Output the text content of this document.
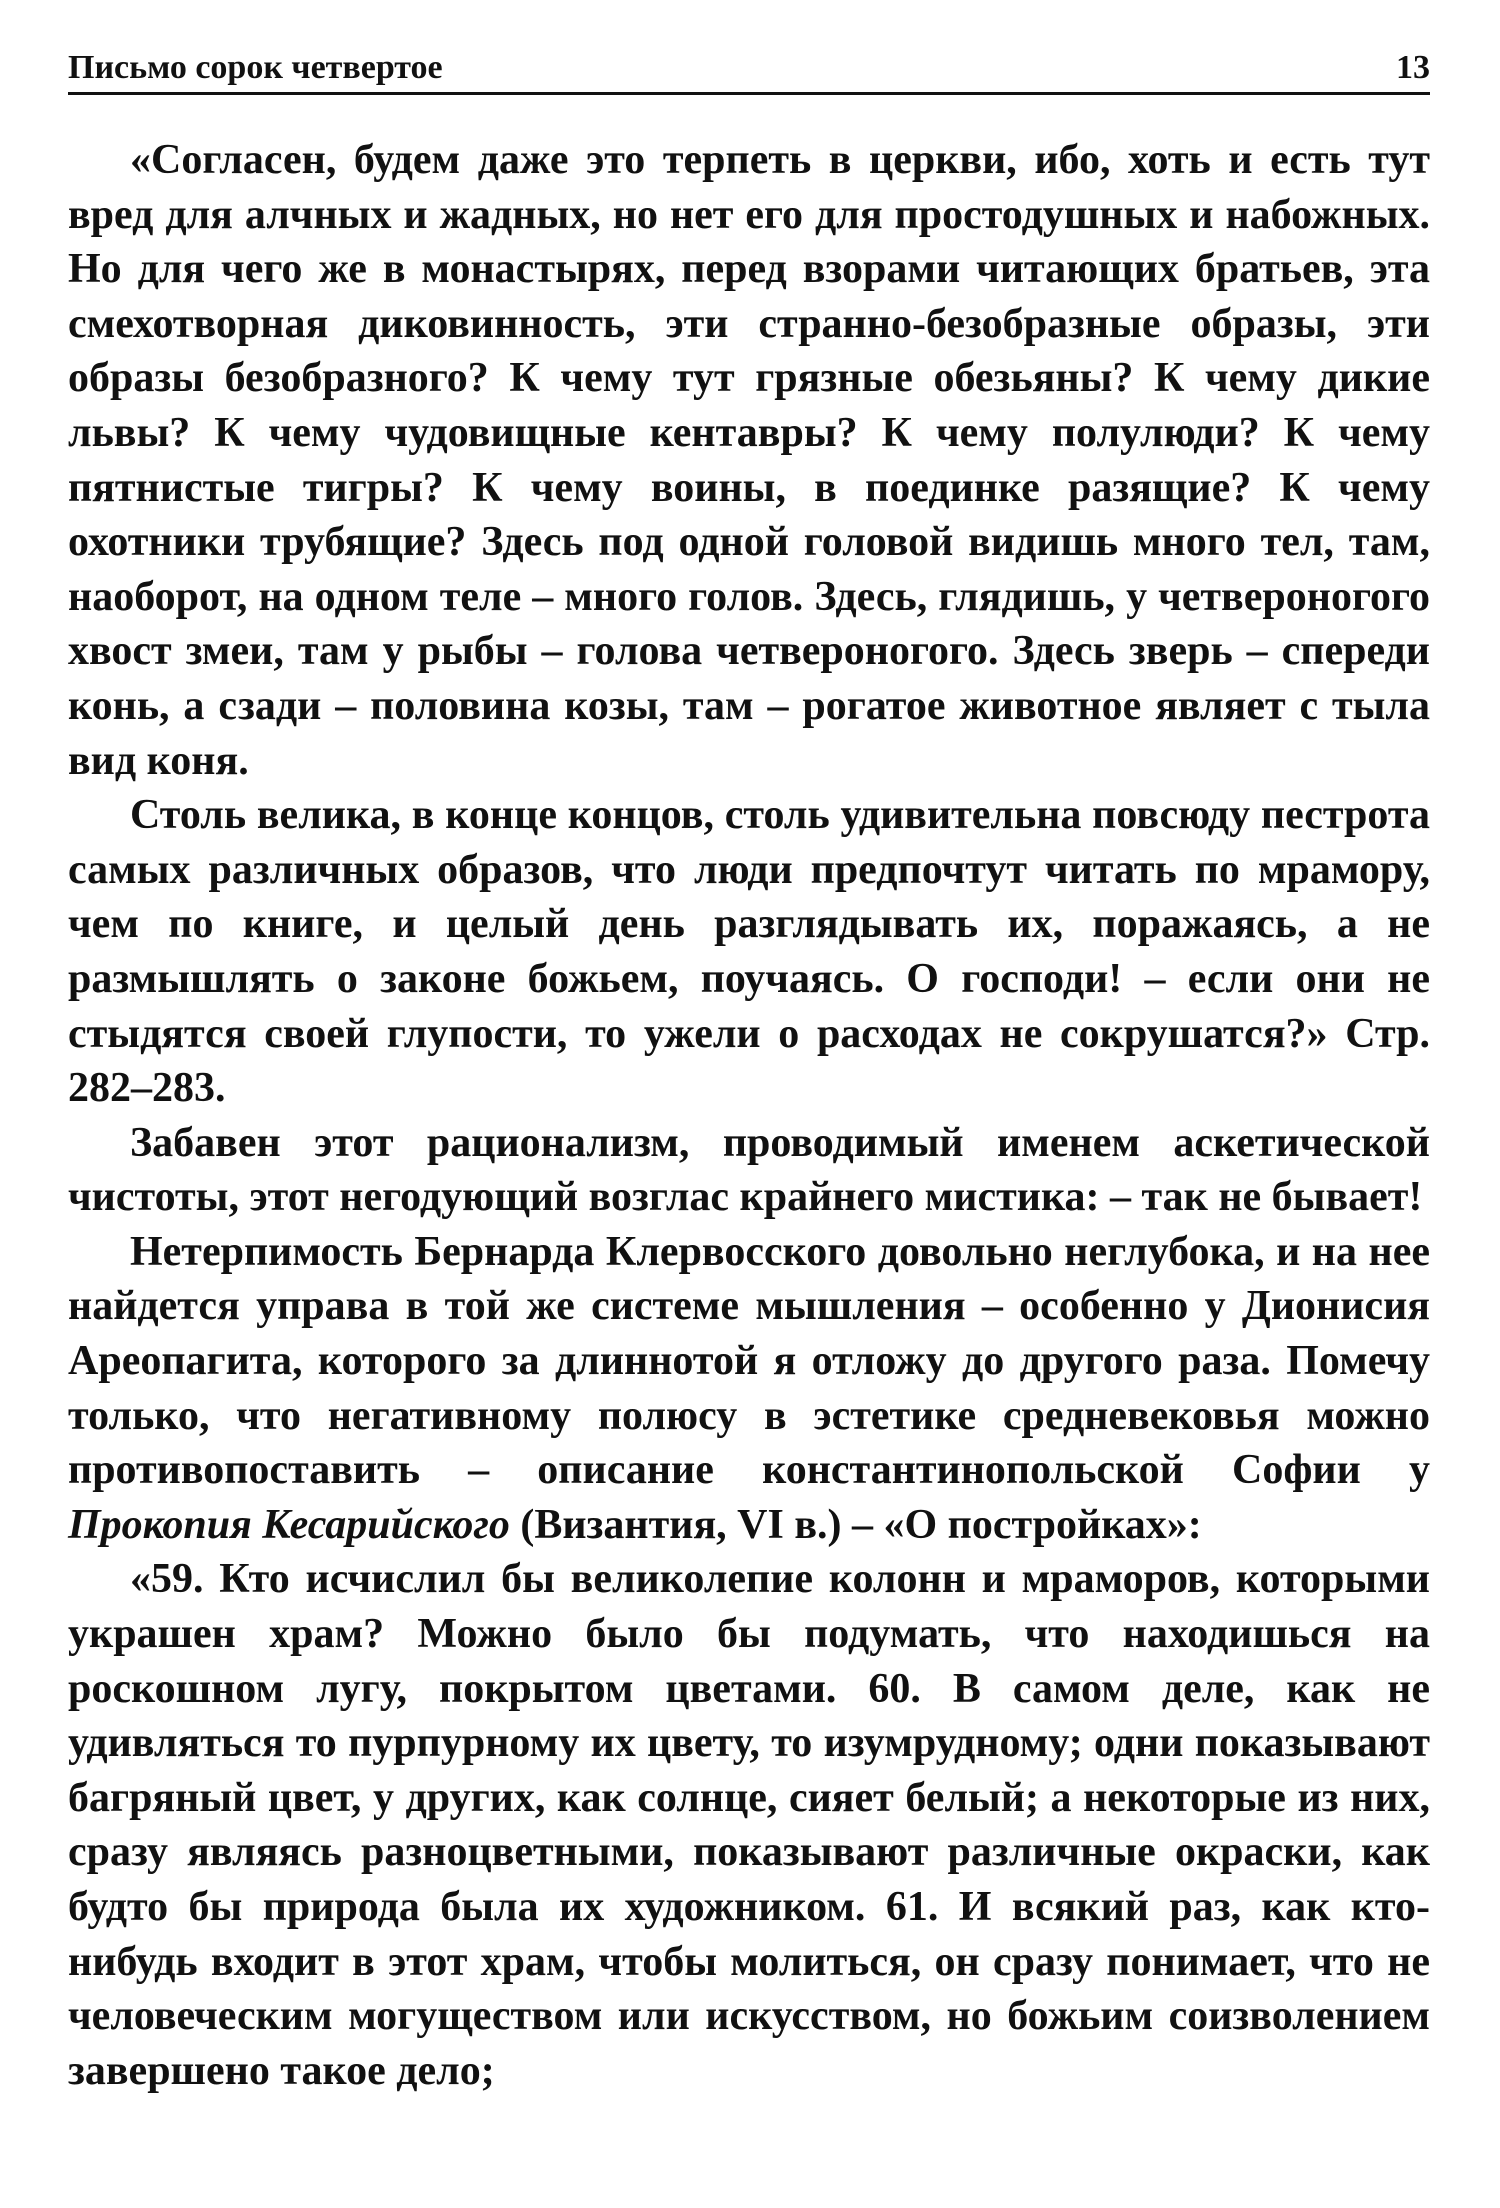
Письмо сорок четвертое	13

«Согласен, будем даже это терпеть в церкви, ибо, хоть и есть тут вред для алчных и жадных, но нет его для простодушных и набожных. Но для чего же в монастырях, перед взорами читающих братьев, эта смехотворная диковинность, эти странно-безобразные образы, эти образы безобразного? К чему тут грязные обезьяны? К чему дикие львы? К чему чудовищные кентавры? К чему полулюди? К чему пятнистые тигры? К чему воины, в поединке разящие? К чему охотники трубящие? Здесь под одной головой видишь много тел, там, наоборот, на одном теле – много голов. Здесь, глядишь, у четвероногого хвост змеи, там у рыбы – голова четвероногого. Здесь зверь – спереди конь, а сзади – половина козы, там – рогатое животное являет с тыла вид коня.

Столь велика, в конце концов, столь удивительна повсюду пестрота самых различных образов, что люди предпочтут читать по мрамору, чем по книге, и целый день разглядывать их, поражаясь, а не размышлять о законе божьем, поучаясь. О господи! – если они не стыдятся своей глупости, то ужели о расходах не сокрушатся?» Стр. 282–283.

Забавен этот рационализм, проводимый именем аскетической чистоты, этот негодующий возглас крайнего мистика: – так не бывает!

Нетерпимость Бернарда Клервосского довольно неглубока, и на нее найдется управа в той же системе мышления – особенно у Дионисия Ареопагита, которого за длиннотой я отложу до другого раза. Помечу только, что негативному полюсу в эстетике средневековья можно противопоставить – описание константинопольской Софии у Прокопия Кесарийского (Византия, VI в.) – «О постройках»:

«59. Кто исчислил бы великолепие колонн и мраморов, которыми украшен храм? Можно было бы подумать, что находишься на роскошном лугу, покрытом цветами. 60. В самом деле, как не удивляться то пурпурному их цвету, то изумрудному; одни показывают багряный цвет, у других, как солнце, сияет белый; а некоторые из них, сразу являясь разноцветными, показывают различные окраски, как будто бы природа была их художником. 61. И всякий раз, как кто-нибудь входит в этот храм, чтобы молиться, он сразу понимает, что не человеческим могуществом или искусством, но божьим соизволением завершено такое дело;
